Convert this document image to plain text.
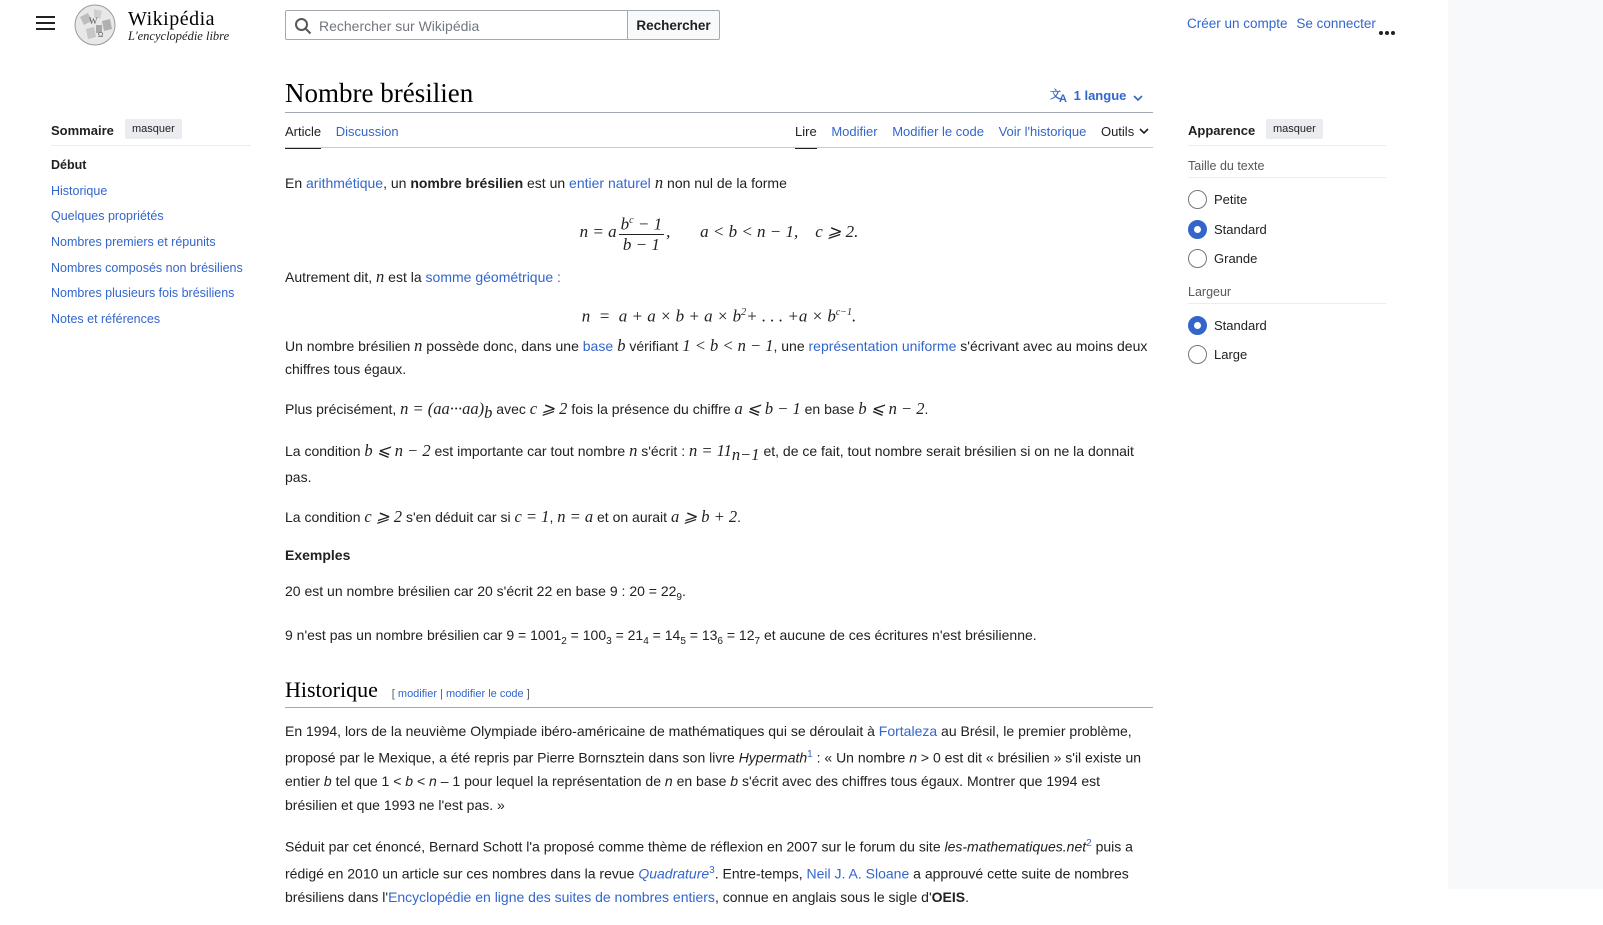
W
Ω
Wikipédia
L'encyclopédie libre
Rechercher sur Wikipédia
Rechercher	Créer un compte Se connecter
Sommaire	masquer
Début
Historique
Quelques propriétés
Nombres premiers et répunits
Nombres composés non brésiliens
Nombres plusieurs fois brésiliens
Notes et références
Nombre brésilien	文
A 1 langue
Article Discussion	Lire Modifier Modifier le code Voir l'historique Outils

En arithmétique, un nombre brésilien est un entier naturel n non nul de la forme

n = a $\frac{b^c - 1}{b - 1}$ ,       a < b < n − 1,    c ⩾ 2.

Autrement dit, n est la somme géométrique :

$n = a + a \times b + a \times b^2+$ . . . $+a \times b^{c-1}$.

Un nombre brésilien n possède donc, dans une base b vérifiant 1 < b < n − 1, une représentation uniforme s'écrivant avec au moins deux chiffres tous égaux.

Plus précisément, $n = (aa\cdot\cdot\cdot aa)_b$ avec c ⩾ 2 fois la présence du chiffre a ⩽ b − 1 en base b ⩽ n − 2.

La condition b ⩽ n − 2 est importante car tout nombre n s'écrit : $n = 11_{n-1}$ et, de ce fait, tout nombre serait brésilien si on ne la donnait pas.

La condition c ⩾ 2 s'en déduit car si c = 1, n = a et on aurait a ⩾ b + 2.

Exemples

20 est un nombre brésilien car 20 s'écrit 22 en base 9 : $20 = 22_9$.

9 n'est pas un nombre brésilien car $9 = 1001_2 = 100_3 = 21_4 = 14_5 = 13_6 = 12_7$ et aucune de ces écritures n'est brésilienne.

Historique [ modifier | modifier le code ]

En 1994, lors de la neuvième Olympiade ibéro-américaine de mathématiques qui se déroulait à Fortaleza au Brésil, le premier problème, proposé par le Mexique, a été repris par Pierre Bornsztein dans son livre Hypermath$^1$ : « Un nombre n > 0 est dit « brésilien » s'il existe un entier b tel que 1 < b < n – 1 pour lequel la représentation de n en base b s'écrit avec des chiffres tous égaux. Montrer que 1994 est brésilien et que 1993 ne l'est pas. »

Séduit par cet énoncé, Bernard Schott l'a proposé comme thème de réflexion en 2007 sur le forum du site les-mathematiques.net$^2$ puis a rédigé en 2010 un article sur ces nombres dans la revue Quadrature$^3$. Entre-temps, Neil J. A. Sloane a approuvé cette suite de nombres brésiliens dans l'Encyclopédie en ligne des suites de nombres entiers, connue en anglais sous le sigle d'OEIS.

Apparence	masquer
Taille du texte
Petite
Standard
Grande
Largeur
Standard
Large
